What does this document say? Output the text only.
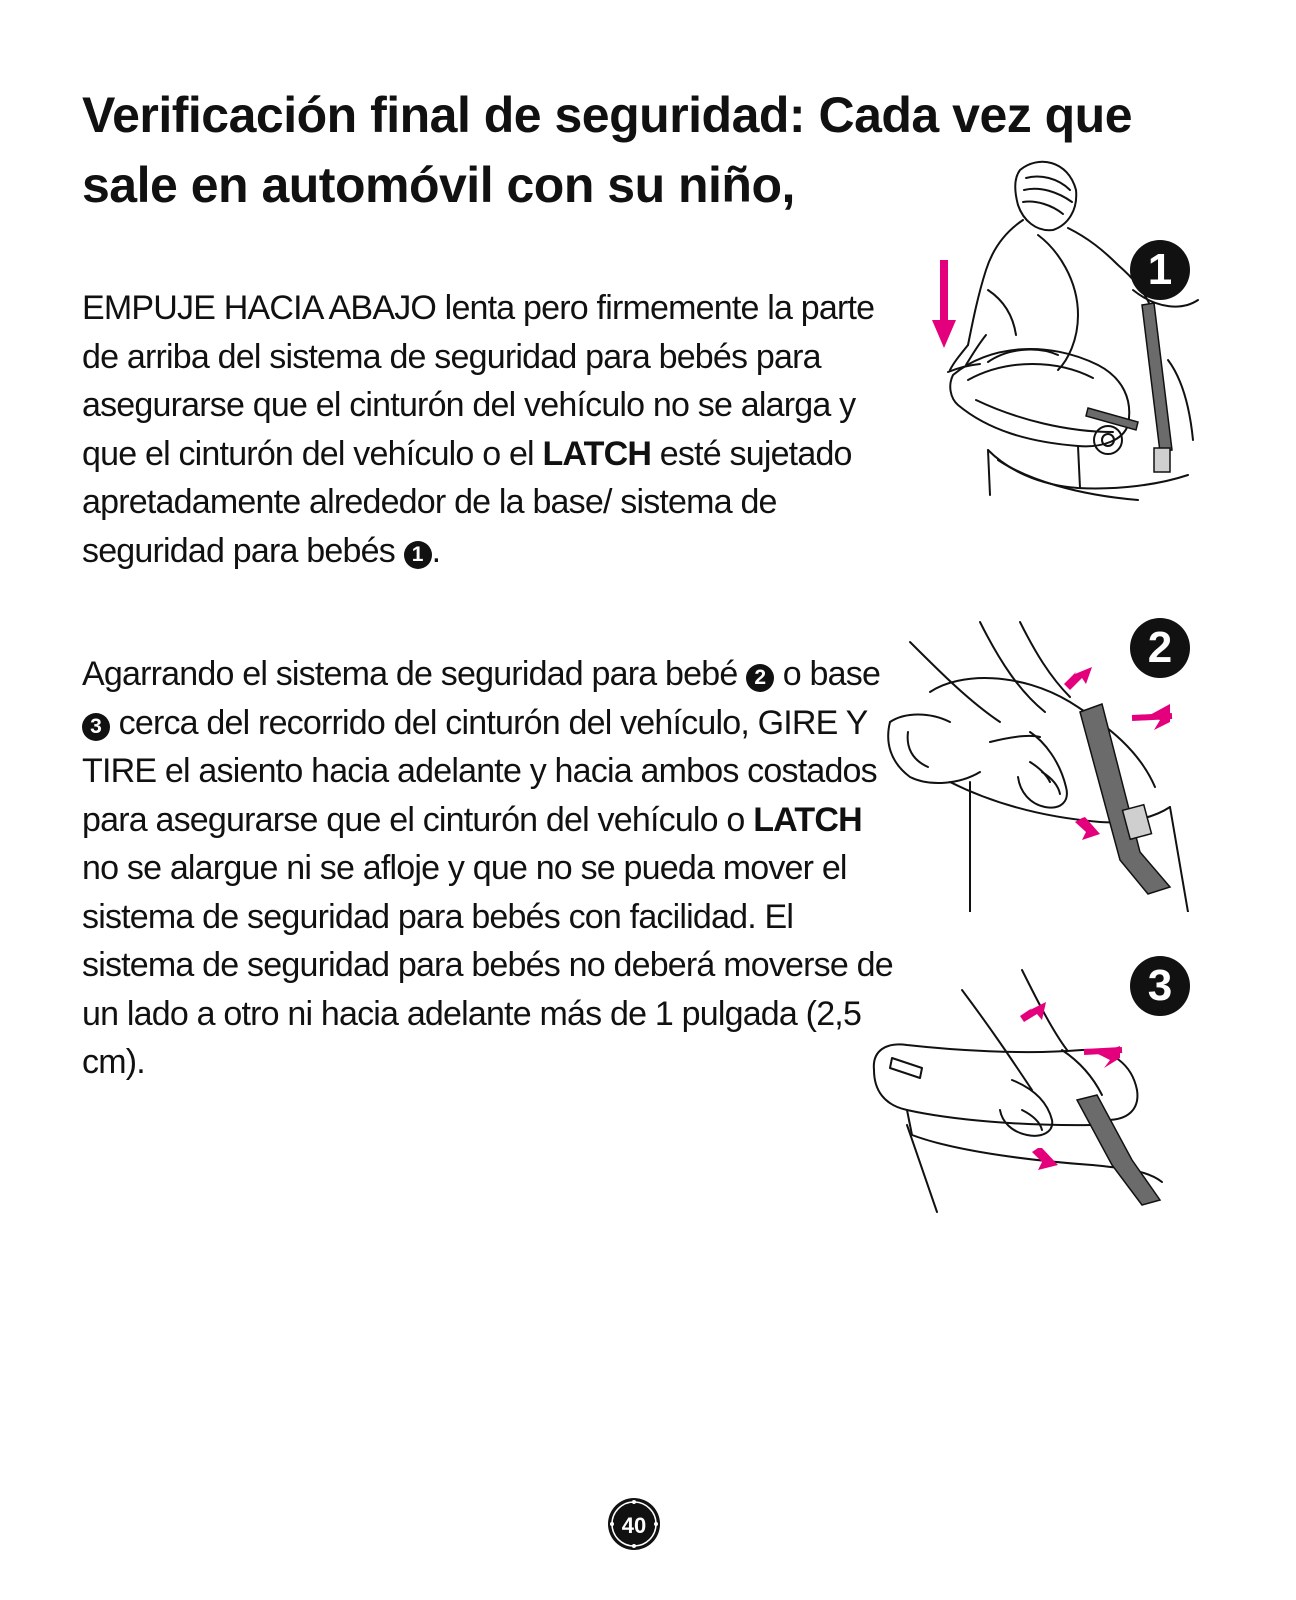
Verificación final de seguridad: Cada vez que sale en automóvil con su niño,

EMPUJE HACIA ABAJO lenta pero firmemente la parte de arriba del sistema de seguridad para bebés para asegurarse que el cinturón del vehículo no se alarga y que el cinturón del vehículo o el LATCH esté sujetado apretadamente alrededor de la base/ sistema de seguridad para bebés 1 .

Agarrando el sistema de seguridad para bebé 2 o base 3 cerca del recorrido del cinturón del vehículo, GIRE Y TIRE el asiento hacia adelante y hacia ambos costados para asegurarse que el cinturón del vehículo o LATCH no se alargue ni se afloje y que no se pueda mover el sistema de seguridad para bebés con facilidad. El sistema de seguridad para bebés no deberá moverse de un lado a otro ni hacia adelante más de 1 pulgada (2,5 cm).

1
2
3
40
